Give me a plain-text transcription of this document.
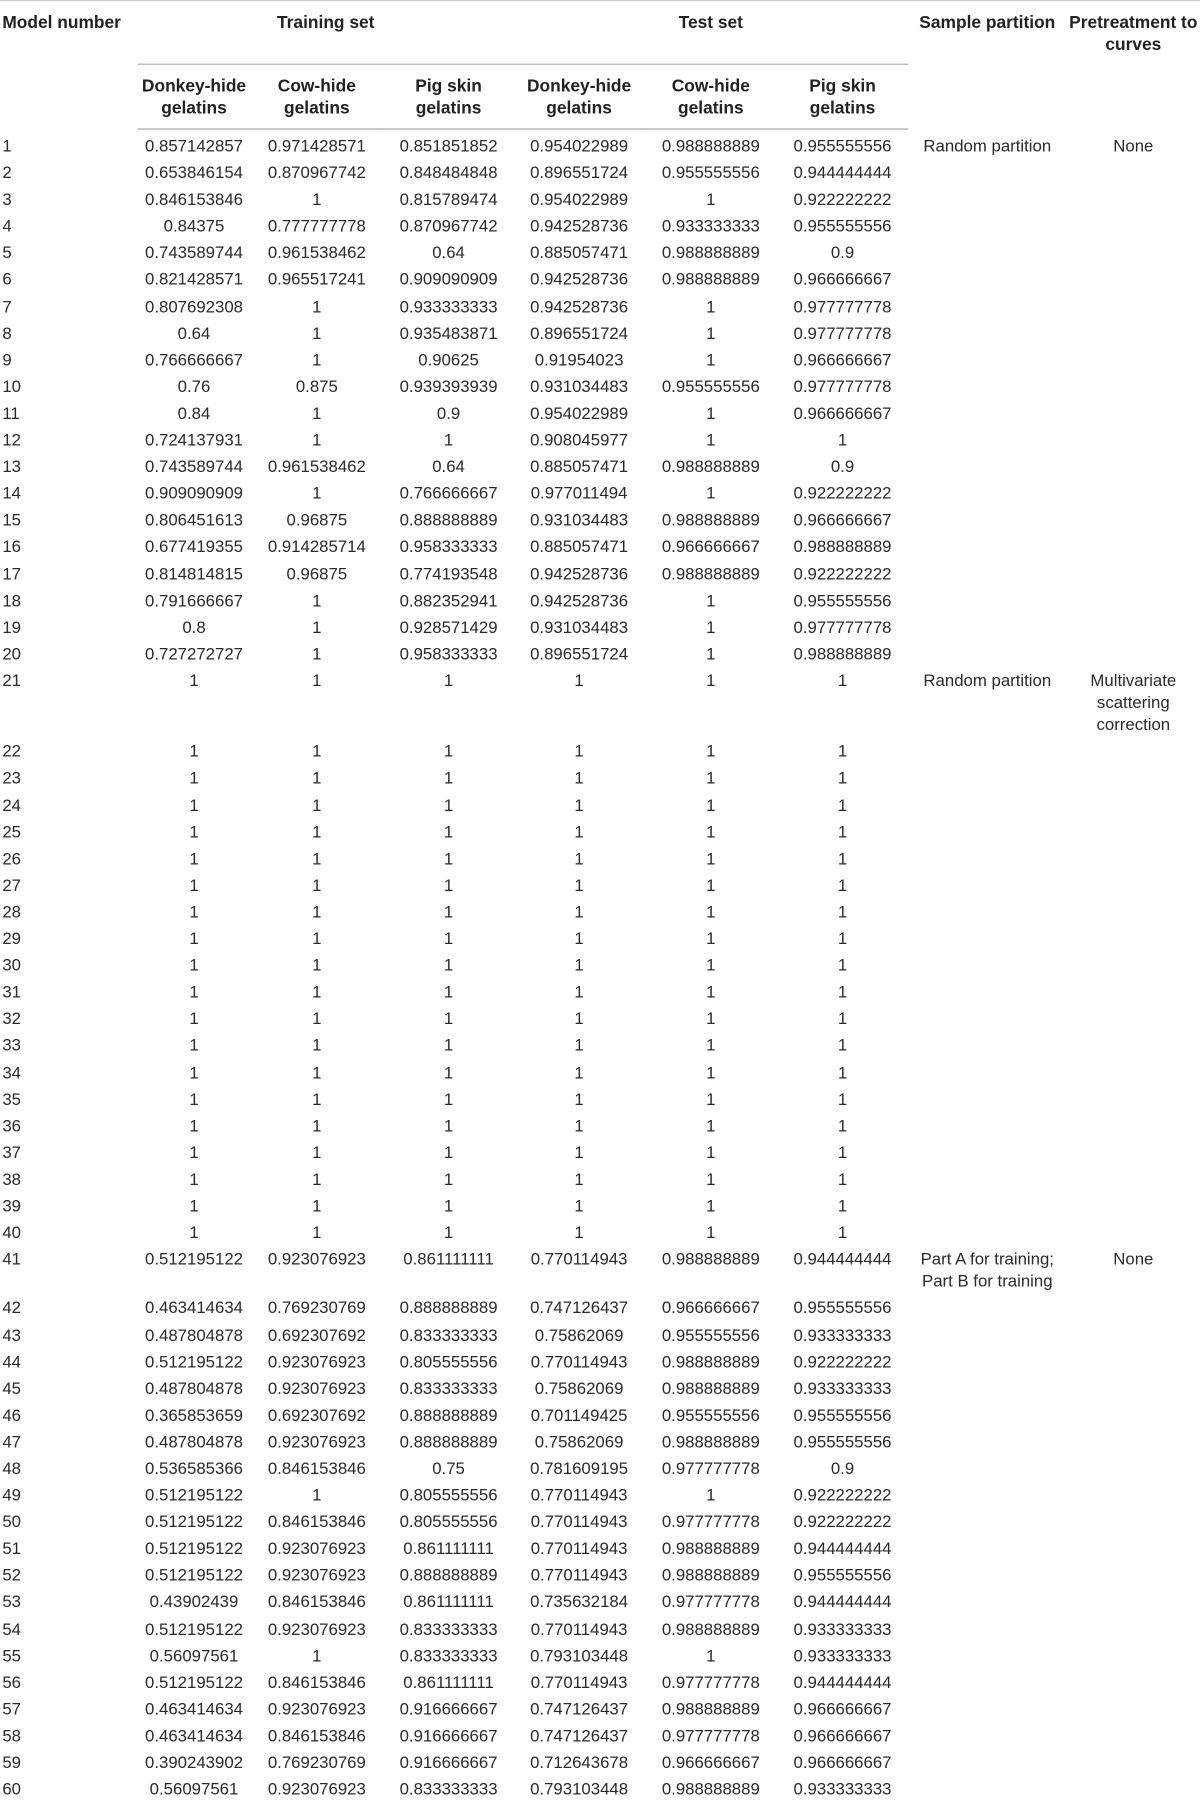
Model number	Training set			Test set			Sample partition	Pretreatment to curves

	Donkey-hide gelatins	Cow-hide gelatins	Pig skin gelatins	Donkey-hide gelatins	Cow-hide gelatins	Pig skin gelatins		
1	0.857142857	0.971428571	0.851851852	0.954022989	0.988888889	0.955555556	Random partition	None
2	0.653846154	0.870967742	0.848484848	0.896551724	0.955555556	0.944444444		
3	0.846153846	1	0.815789474	0.954022989	1	0.922222222		
4	0.84375	0.777777778	0.870967742	0.942528736	0.933333333	0.955555556		
5	0.743589744	0.961538462	0.64	0.885057471	0.988888889	0.9		
6	0.821428571	0.965517241	0.909090909	0.942528736	0.988888889	0.966666667		
7	0.807692308	1	0.933333333	0.942528736	1	0.977777778		
8	0.64	1	0.935483871	0.896551724	1	0.977777778		
9	0.766666667	1	0.90625	0.91954023	1	0.966666667		
10	0.76	0.875	0.939393939	0.931034483	0.955555556	0.977777778		
11	0.84	1	0.9	0.954022989	1	0.966666667		
12	0.724137931	1	1	0.908045977	1	1		
13	0.743589744	0.961538462	0.64	0.885057471	0.988888889	0.9		
14	0.909090909	1	0.766666667	0.977011494	1	0.922222222		
15	0.806451613	0.96875	0.888888889	0.931034483	0.988888889	0.966666667		
16	0.677419355	0.914285714	0.958333333	0.885057471	0.966666667	0.988888889		
17	0.814814815	0.96875	0.774193548	0.942528736	0.988888889	0.922222222		
18	0.791666667	1	0.882352941	0.942528736	1	0.955555556		
19	0.8	1	0.928571429	0.931034483	1	0.977777778		
20	0.727272727	1	0.958333333	0.896551724	1	0.988888889		
21	1	1	1	1	1	1	Random partition	Multivariate scattering correction
22	1	1	1	1	1	1		
23	1	1	1	1	1	1		
24	1	1	1	1	1	1		
25	1	1	1	1	1	1		
26	1	1	1	1	1	1		
27	1	1	1	1	1	1		
28	1	1	1	1	1	1		
29	1	1	1	1	1	1		
30	1	1	1	1	1	1		
31	1	1	1	1	1	1		
32	1	1	1	1	1	1		
33	1	1	1	1	1	1		
34	1	1	1	1	1	1		
35	1	1	1	1	1	1		
36	1	1	1	1	1	1		
37	1	1	1	1	1	1		
38	1	1	1	1	1	1		
39	1	1	1	1	1	1		
40	1	1	1	1	1	1		
41	0.512195122	0.923076923	0.861111111	0.770114943	0.988888889	0.944444444	Part A for training; Part B for training	None
42	0.463414634	0.769230769	0.888888889	0.747126437	0.966666667	0.955555556		
43	0.487804878	0.692307692	0.833333333	0.75862069	0.955555556	0.933333333		
44	0.512195122	0.923076923	0.805555556	0.770114943	0.988888889	0.922222222		
45	0.487804878	0.923076923	0.833333333	0.75862069	0.988888889	0.933333333		
46	0.365853659	0.692307692	0.888888889	0.701149425	0.955555556	0.955555556		
47	0.487804878	0.923076923	0.888888889	0.75862069	0.988888889	0.955555556		
48	0.536585366	0.846153846	0.75	0.781609195	0.977777778	0.9		
49	0.512195122	1	0.805555556	0.770114943	1	0.922222222		
50	0.512195122	0.846153846	0.805555556	0.770114943	0.977777778	0.922222222		
51	0.512195122	0.923076923	0.861111111	0.770114943	0.988888889	0.944444444		
52	0.512195122	0.923076923	0.888888889	0.770114943	0.988888889	0.955555556		
53	0.43902439	0.846153846	0.861111111	0.735632184	0.977777778	0.944444444		
54	0.512195122	0.923076923	0.833333333	0.770114943	0.988888889	0.933333333		
55	0.56097561	1	0.833333333	0.793103448	1	0.933333333		
56	0.512195122	0.846153846	0.861111111	0.770114943	0.977777778	0.944444444		
57	0.463414634	0.923076923	0.916666667	0.747126437	0.988888889	0.966666667		
58	0.463414634	0.846153846	0.916666667	0.747126437	0.977777778	0.966666667		
59	0.390243902	0.769230769	0.916666667	0.712643678	0.966666667	0.966666667		
60	0.56097561	0.923076923	0.833333333	0.793103448	0.988888889	0.933333333		
